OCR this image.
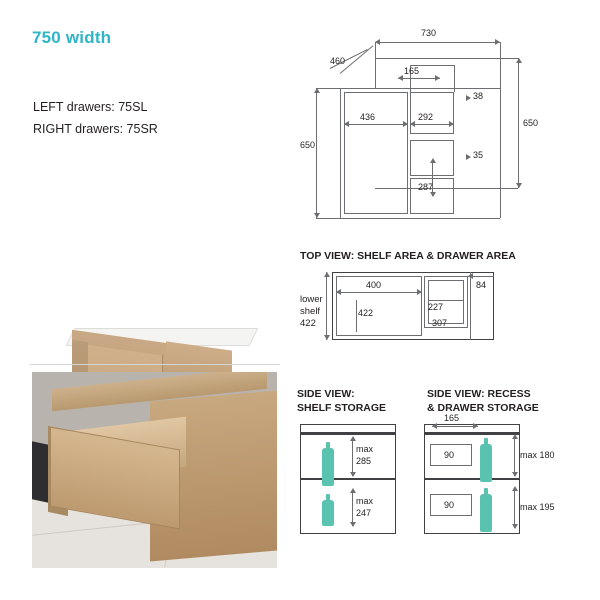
750 width
LEFT drawers: 75SL
RIGHT drawers: 75SR
730
460
165
38
35
650
650
436	292
287
TOP VIEW: SHELF AREA & DRAWER AREA
84
400
422
227
307
lower
shelf
422
SIDE VIEW:
SHELF STORAGE
max
285
max
247
SIDE VIEW: RECESS
& DRAWER STORAGE
165
90
90
max 180
max 195
